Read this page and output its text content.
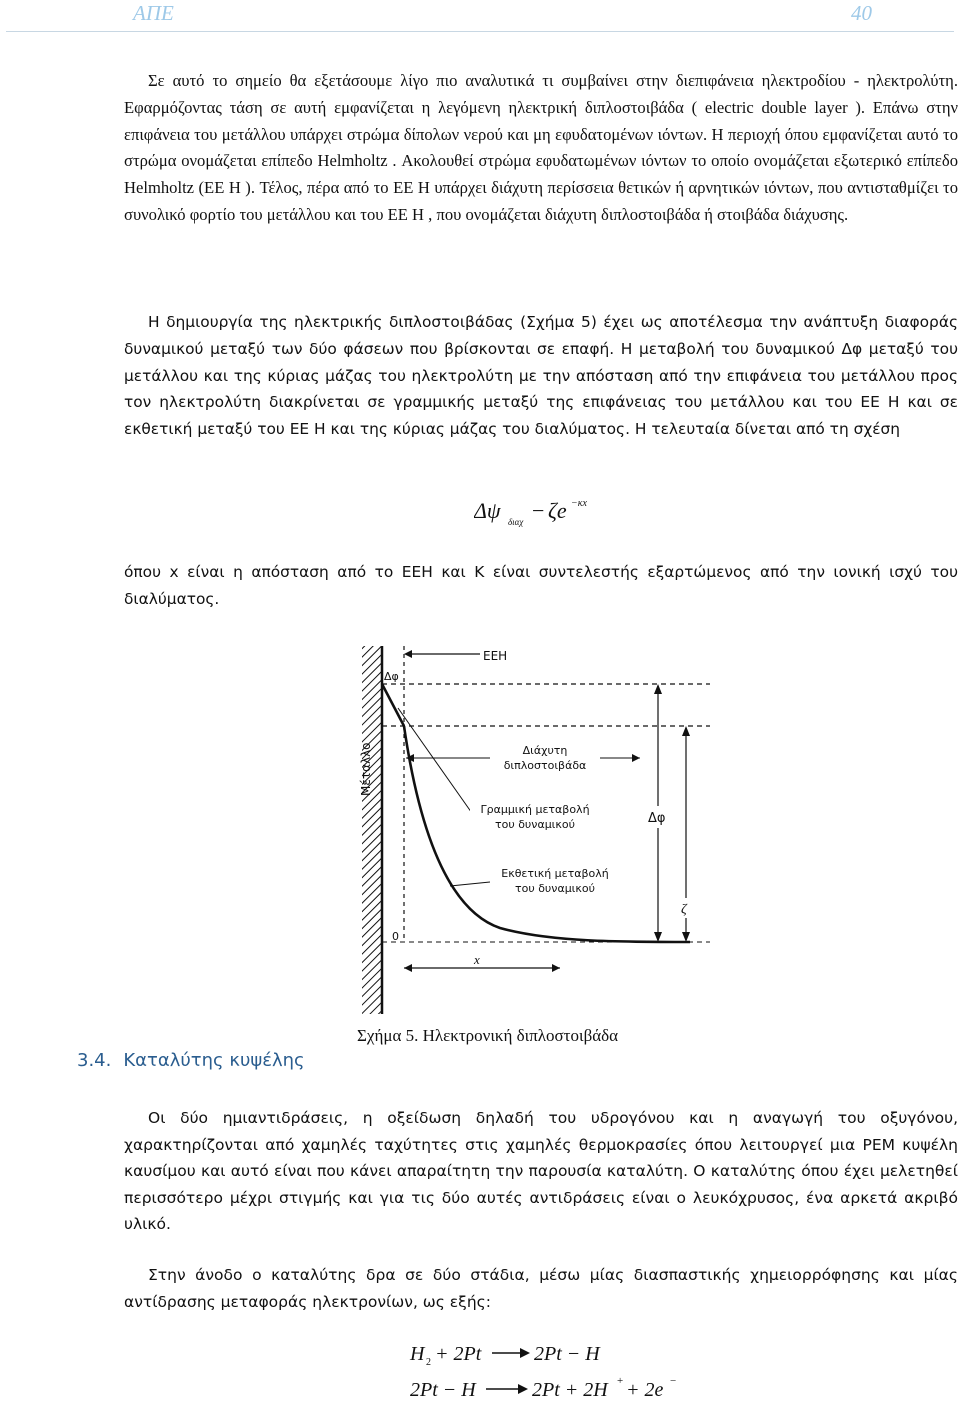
ΑΠΕ	40
Σε αυτό το σημείο θα εξετάσουμε λίγο πιο αναλυτικά τι συμβαίνει στην διεπιφάνεια ηλεκτροδίου - ηλεκτρολύτη. Εφαρμόζοντας τάση σε αυτή εμφανίζεται η λεγόμενη ηλεκτρική διπλοστοιβάδα ( electric double layer ). Επάνω στην επιφάνεια του μετάλλου υπάρχει στρώμα δίπολων νερού και μη εφυδατομένων ιόντων. Η περιοχή όπου εμφανίζεται αυτό το στρώμα ονομάζεται επίπεδο Helmholtz . Ακολουθεί στρώμα εφυδατωμένων ιόντων το οποίο ονομάζεται εξωτερικό επίπεδο Helmholtz (ΕΕ Η ). Τέλος, πέρα από το ΕΕ Η υπάρχει διάχυτη περίσσεια θετικών ή αρνητικών ιόντων, που αντισταθμίζει το συνολικό φορτίο του μετάλλου και του ΕΕ Η , που ονομάζεται διάχυτη διπλοστοιβάδα ή στοιβάδα διάχυσης.
Η δημιουργία της ηλεκτρικής διπλοστοιβάδας (Σχήμα 5) έχει ως αποτέλεσμα την ανάπτυξη διαφοράς δυναμικού μεταξύ των δύο φάσεων που βρίσκονται σε επαφή. Η μεταβολή του δυναμικού Δφ μεταξύ του μετάλλου και της κύριας μάζας του ηλεκτρολύτη με την απόσταση από την επιφάνεια του μετάλλου προς τον ηλεκτρολύτη διακρίνεται σε γραμμικής μεταξύ της επιφάνειας του μετάλλου και του ΕΕ Η και σε εκθετική μεταξύ του ΕΕ Η και της κύριας μάζας του διαλύματος. Η τελευταία δίνεται από τη σχέση
Δψ διαχ − ζe −κx
όπου x είναι η απόσταση από το ΕΕΗ και Κ είναι συντελεστής εξαρτώμενος από την ιονική ισχύ του διαλύματος.
Μέταλλο
ΕΕΗ
Δφ
0
x
Δφ
ζ
Διάχυτη
διπλοστοιβάδα
Γραμμική μεταβολή
του δυναμικού
Εκθετική μεταβολή
του δυναμικού
Σχήμα 5. Ηλεκτρονική διπλοστοιβάδα
3.4. Καταλύτης κυψέλης
Οι δύο ημιαντιδράσεις, η οξείδωση δηλαδή του υδρογόνου και η αναγωγή του οξυγόνου, χαρακτηρίζονται από χαμηλές ταχύτητες στις χαμηλές θερμοκρασίες όπου λειτουργεί μια PEM κυψέλη καυσίμου και αυτό είναι που κάνει απαραίτητη την παρουσία καταλύτη. Ο καταλύτης όπου έχει μελετηθεί περισσότερο μέχρι στιγμής και για τις δύο αυτές αντιδράσεις είναι ο λευκόχρυσος, ένα αρκετά ακριβό υλικό.
Στην άνοδο ο καταλύτης δρα σε δύο στάδια, μέσω μίας διασπαστικής χημειορρόφησης και μίας αντίδρασης μεταφοράς ηλεκτρονίων, ως εξής:
H 2 + 2Pt	2Pt − H
2Pt − H	2Pt + 2H + + 2e −
